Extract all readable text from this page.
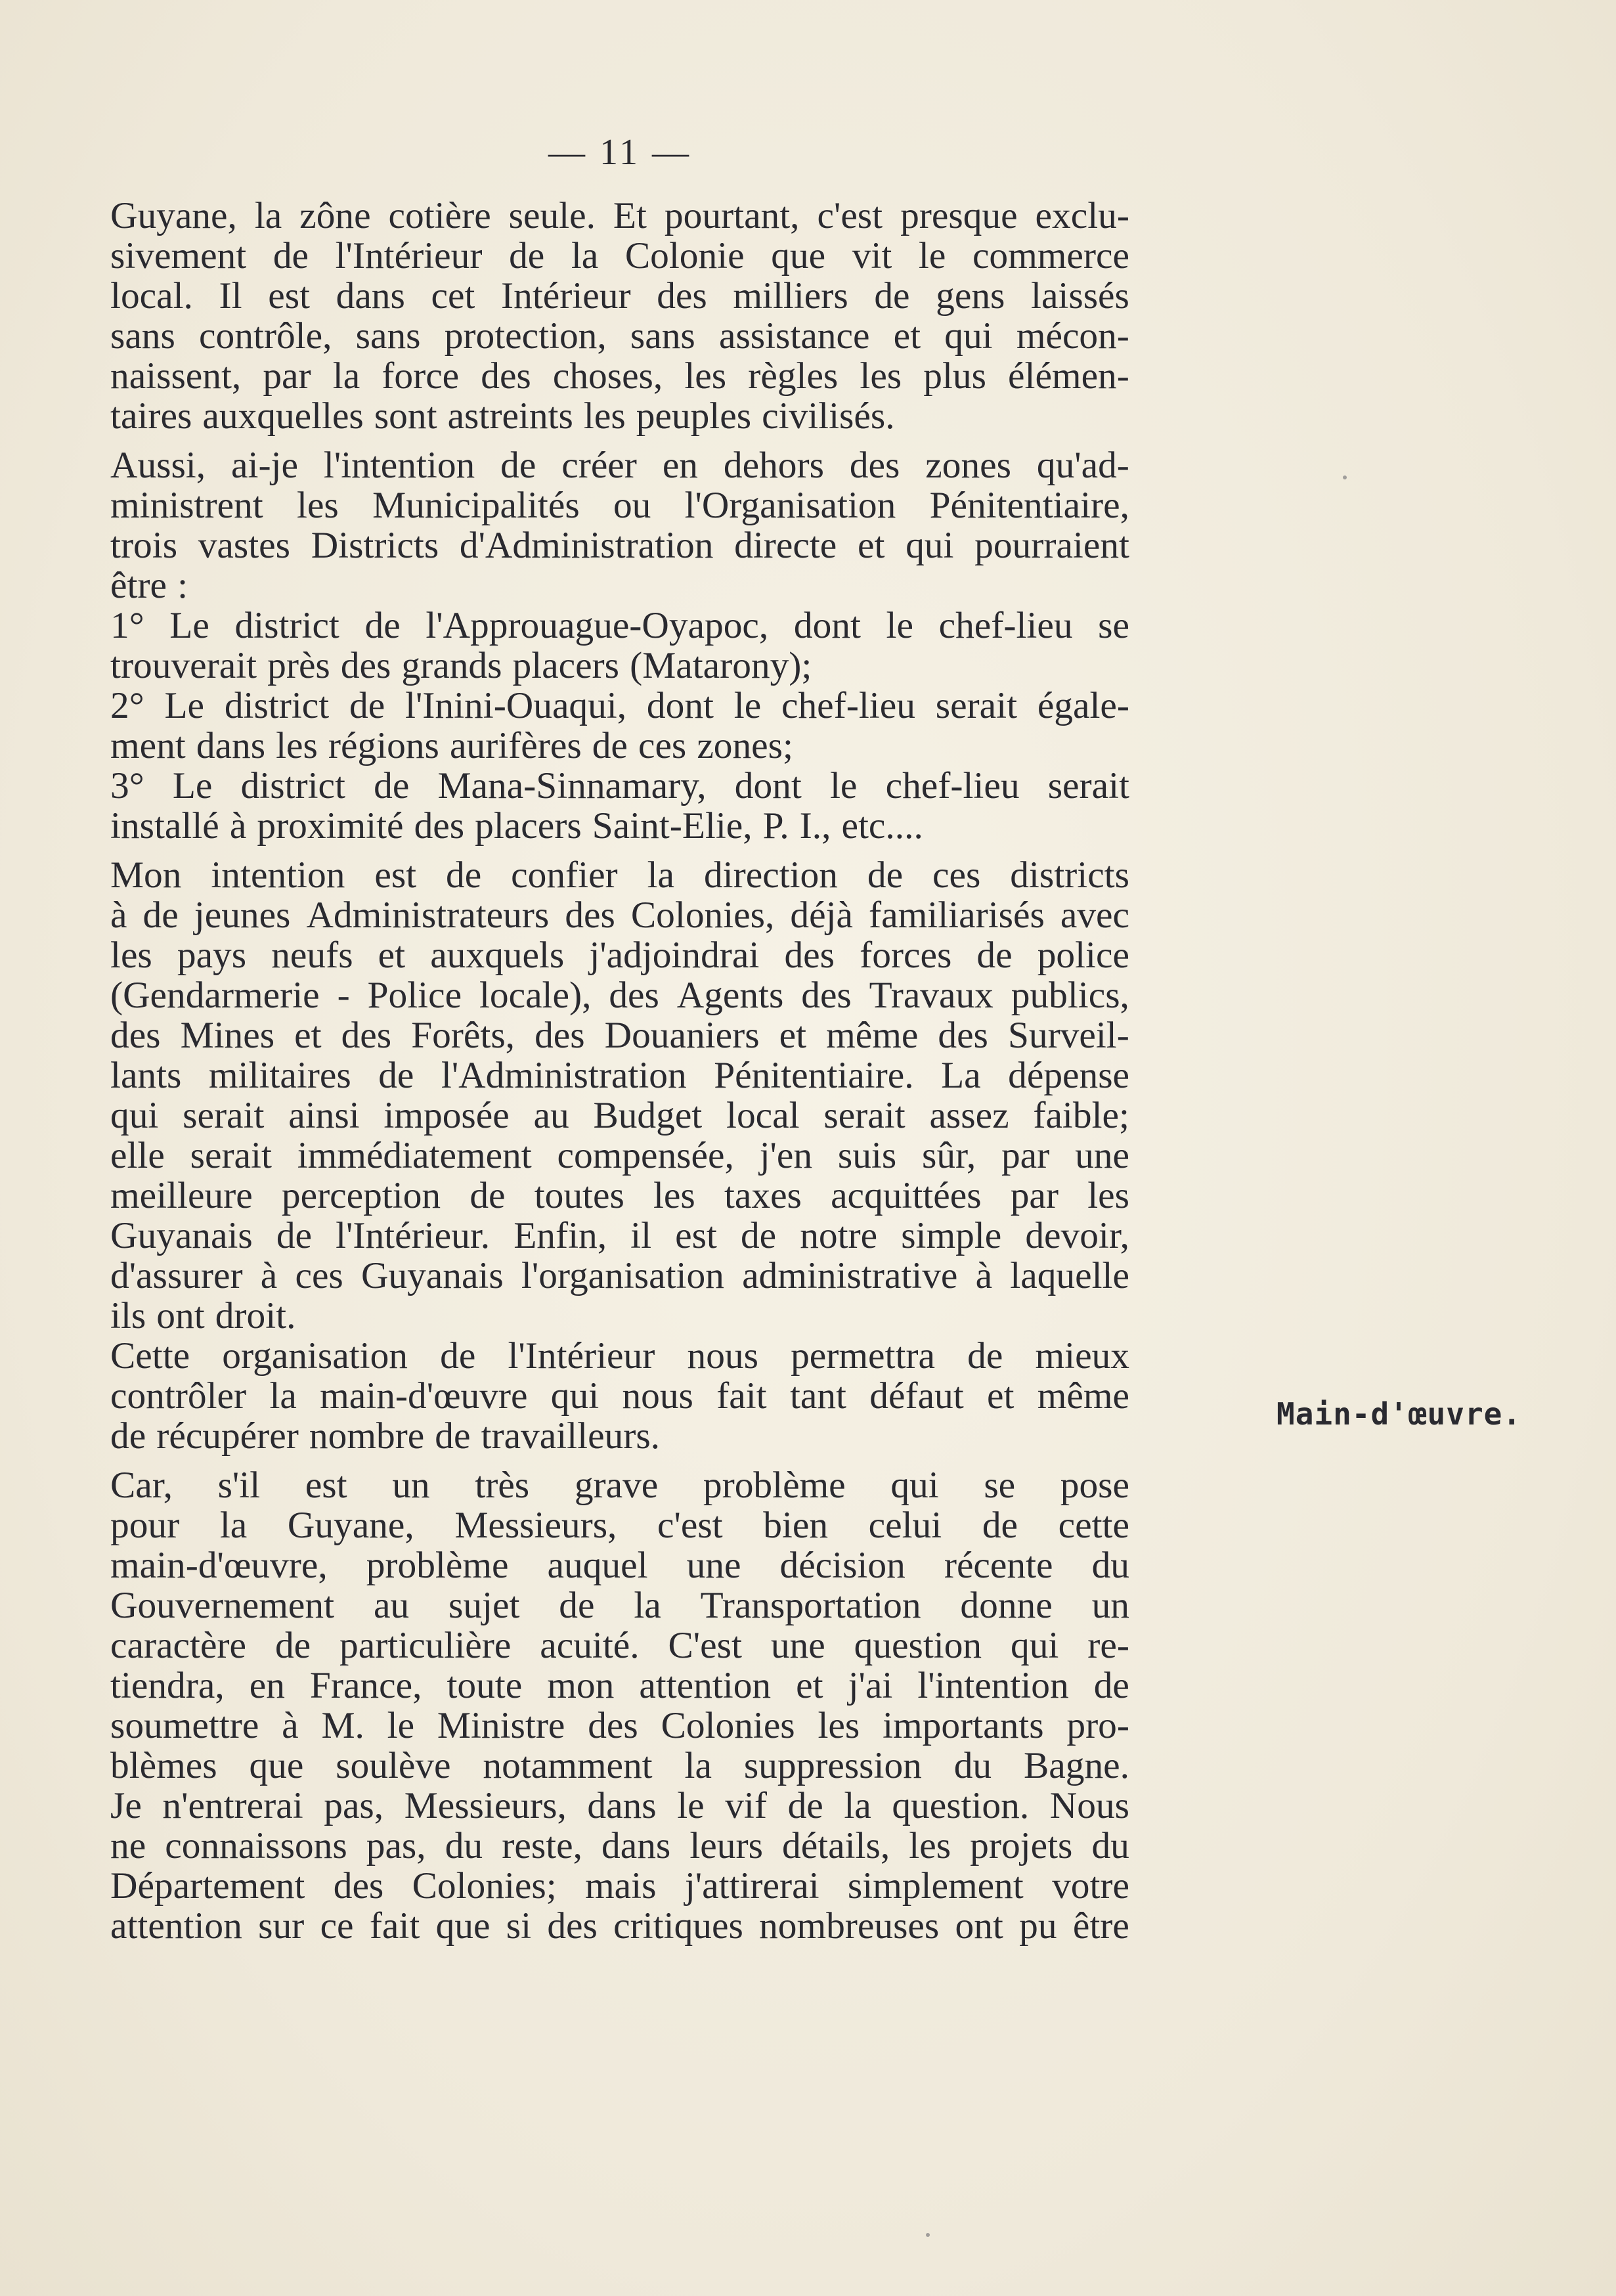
— 11 —
Guyane, la zône cotière seule. Et pourtant, c'est presque exclu-
sivement de l'Intérieur de la Colonie que vit le commerce
local. Il est dans cet Intérieur des milliers de gens laissés
sans contrôle, sans protection, sans assistance et qui mécon-
naissent, par la force des choses, les règles les plus élémen-
taires auxquelles sont astreints les peuples civilisés.
Aussi, ai-je l'intention de créer en dehors des zones qu'ad-
ministrent les Municipalités ou l'Organisation Pénitentiaire,
trois vastes Districts d'Administration directe et qui pourraient
être :
1° Le district de l'Approuague-Oyapoc, dont le chef-lieu se
trouverait près des grands placers (Matarony);
2° Le district de l'Inini-Ouaqui, dont le chef-lieu serait égale-
ment dans les régions aurifères de ces zones;
3° Le district de Mana-Sinnamary, dont le chef-lieu serait
installé à proximité des placers Saint-Elie, P. I., etc....
Mon intention est de confier la direction de ces districts
à de jeunes Administrateurs des Colonies, déjà familiarisés avec
les pays neufs et auxquels j'adjoindrai des forces de police
(Gendarmerie - Police locale), des Agents des Travaux publics,
des Mines et des Forêts, des Douaniers et même des Surveil-
lants militaires de l'Administration Pénitentiaire. La dépense
qui serait ainsi imposée au Budget local serait assez faible;
elle serait immédiatement compensée, j'en suis sûr, par une
meilleure perception de toutes les taxes acquittées par les
Guyanais de l'Intérieur. Enfin, il est de notre simple devoir,
d'assurer à ces Guyanais l'organisation administrative à laquelle
ils ont droit.
Cette organisation de l'Intérieur nous permettra de mieux
contrôler la main-d'œuvre qui nous fait tant défaut et même
de récupérer nombre de travailleurs.
Car, s'il est un très grave problème qui se pose
pour la Guyane, Messieurs, c'est bien celui de cette
main-d'œuvre, problème auquel une décision récente du
Gouvernement au sujet de la Transportation donne un
caractère de particulière acuité. C'est une question qui re-
tiendra, en France, toute mon attention et j'ai l'intention de
soumettre à M. le Ministre des Colonies les importants pro-
blèmes que soulève notamment la suppression du Bagne.
Je n'entrerai pas, Messieurs, dans le vif de la question. Nous
ne connaissons pas, du reste, dans leurs détails, les projets du
Département des Colonies; mais j'attirerai simplement votre
attention sur ce fait que si des critiques nombreuses ont pu être
Main-d'œuvre.
